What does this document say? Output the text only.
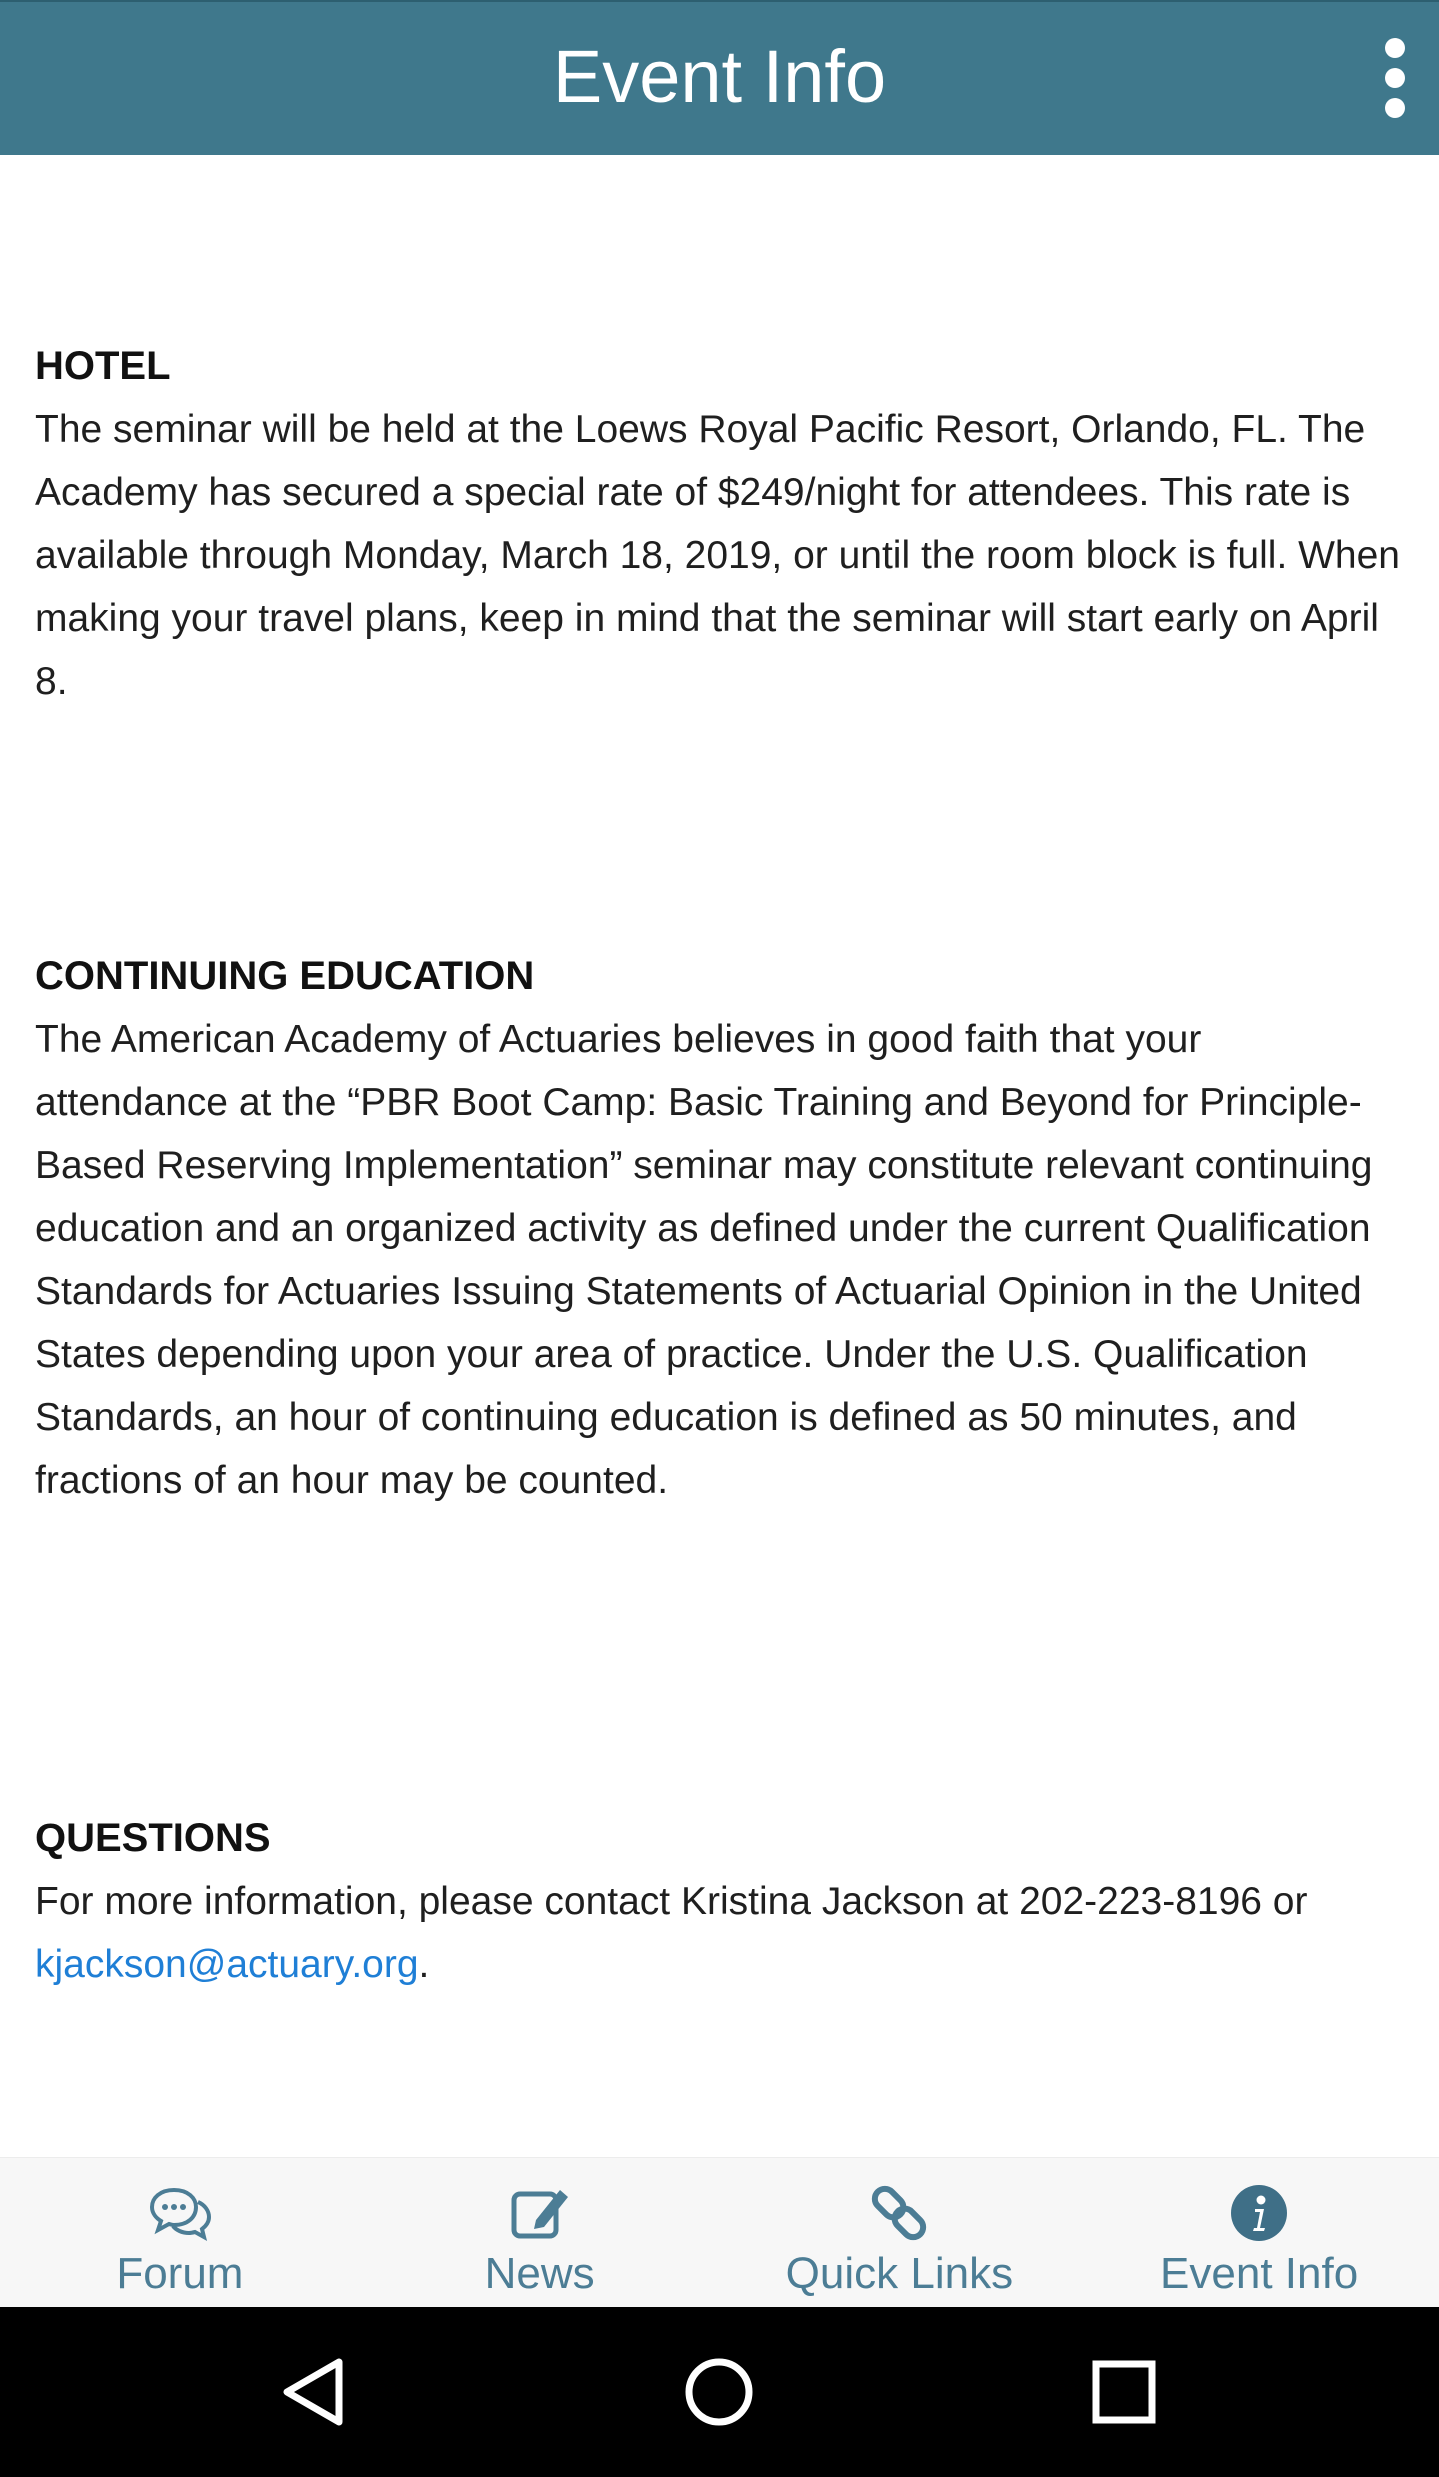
Event Info
HOTEL

The seminar will be held at the Loews Royal Pacific Resort, Orlando, FL. The Academy has secured a special rate of $249/night for attendees. This rate is available through Monday, March 18, 2019, or until the room block is full. When making your travel plans, keep in mind that the seminar will start early on April 8.

CONTINUING EDUCATION

The American Academy of Actuaries believes in good faith that your attendance at the “PBR Boot Camp: Basic Training and Beyond for Principle-Based Reserving Implementation” seminar may constitute relevant continuing education and an organized activity as defined under the current Qualification Standards for Actuaries Issuing Statements of Actuarial Opinion in the United States depending upon your area of practice. Under the U.S. Qualification Standards, an hour of continuing education is defined as 50 minutes, and fractions of an hour may be counted.

QUESTIONS

For more information, please contact Kristina Jackson at 202-223-8196 or kjackson@actuary.org.

Forum	News	Quick Links	Event Info
